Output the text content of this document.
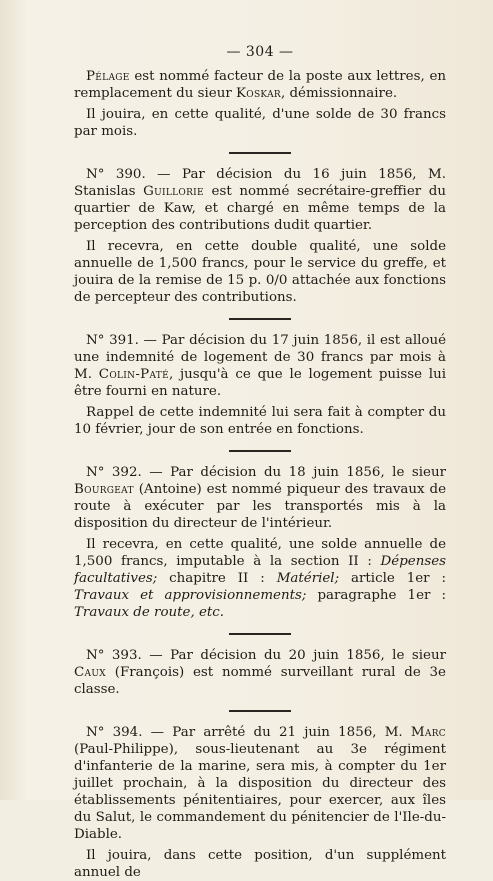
— 304 —

Pélage est nommé facteur de la poste aux lettres, en remplacement du sieur Koskar, démissionnaire.

Il jouira, en cette qualité, d'une solde de 30 francs par mois.

N° 390. — Par décision du 16 juin 1856, M. Stanislas Guillorie est nommé secrétaire-greffier du quartier de Kaw, et chargé en même temps de la perception des contributions dudit quartier.

Il recevra, en cette double qualité, une solde annuelle de 1,500 francs, pour le service du greffe, et jouira de la remise de 15 p. 0/0 attachée aux fonctions de percepteur des contributions.

N° 391. — Par décision du 17 juin 1856, il est alloué une indemnité de logement de 30 francs par mois à M. Colin-Paté, jusqu'à ce que le logement puisse lui être fourni en nature.

Rappel de cette indemnité lui sera fait à compter du 10 février, jour de son entrée en fonctions.

N° 392. — Par décision du 18 juin 1856, le sieur Bourgeat (Antoine) est nommé piqueur des travaux de route à exécuter par les transportés mis à la disposition du directeur de l'intérieur.

Il recevra, en cette qualité, une solde annuelle de 1,500 francs, imputable à la section II : Dépenses facultatives; chapitre II : Matériel; article 1er : Travaux et approvisionnements; paragraphe 1er : Travaux de route, etc.

N° 393. — Par décision du 20 juin 1856, le sieur Caux (François) est nommé surveillant rural de 3e classe.

N° 394. — Par arrêté du 21 juin 1856, M. Marc (Paul-Philippe), sous-lieutenant au 3e régiment d'infanterie de la marine, sera mis, à compter du 1er juillet prochain, à la disposition du directeur des établissements pénitentiaires, pour exercer, aux îles du Salut, le commandement du pénitencier de l'Ile-du-Diable.

Il jouira, dans cette position, d'un supplément annuel de
